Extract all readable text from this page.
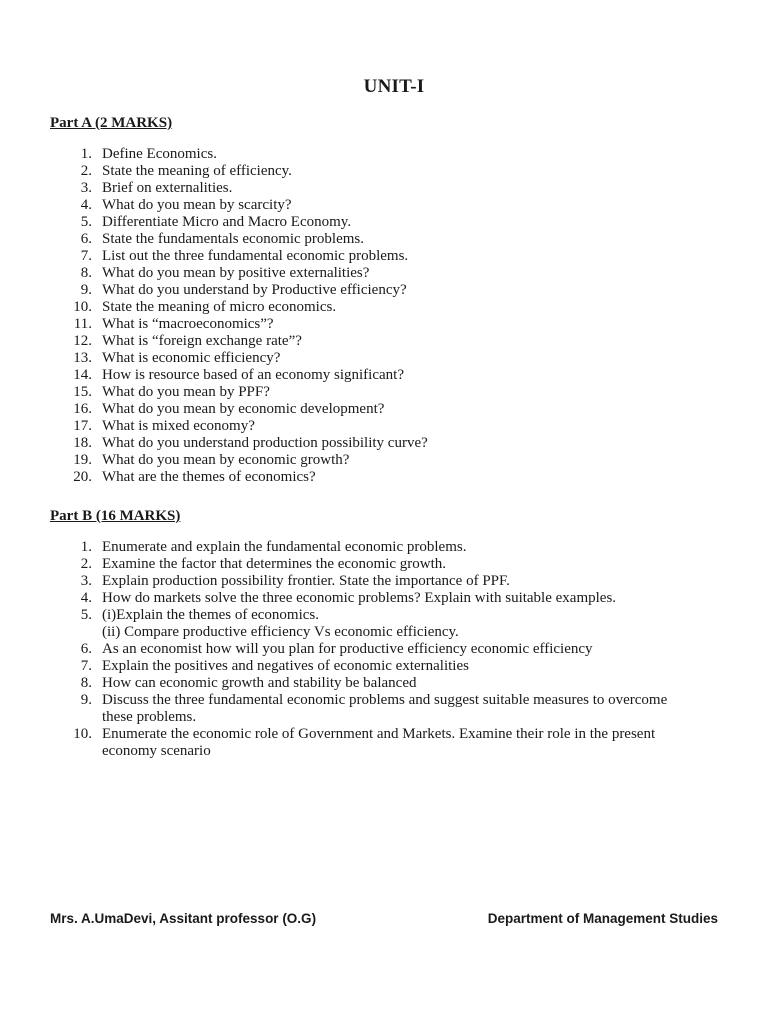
UNIT-I
Part A (2 MARKS)
1. Define Economics.
2. State the meaning of efficiency.
3. Brief on externalities.
4. What do you mean by scarcity?
5. Differentiate Micro and Macro Economy.
6. State the fundamentals economic problems.
7. List out the three fundamental economic problems.
8. What do you mean by positive externalities?
9. What do you understand by Productive efficiency?
10. State the meaning of micro economics.
11. What is “macroeconomics”?
12. What is “foreign exchange rate”?
13. What is economic efficiency?
14. How is resource based of an economy significant?
15. What do you mean by PPF?
16. What do you mean by economic development?
17. What is mixed economy?
18. What do you understand production possibility curve?
19. What do you mean by economic growth?
20. What are the themes of economics?
Part B (16 MARKS)
1. Enumerate and explain the fundamental economic problems.
2. Examine the factor that determines the economic growth.
3. Explain production possibility frontier. State the importance of PPF.
4. How do markets solve the three economic problems? Explain with suitable examples.
5. (i)Explain the themes of economics.
(ii) Compare productive efficiency Vs economic efficiency.
6. As an economist how will you plan for productive efficiency economic efficiency
7. Explain the positives and negatives of economic externalities
8. How can economic growth and stability be balanced
9. Discuss the three fundamental economic problems and suggest suitable measures to overcome
these problems.
10. Enumerate the economic role of Government and Markets. Examine their role in the present
economy scenario
Mrs. A.UmaDevi, Assitant professor (O.G)	Department of Management Studies
